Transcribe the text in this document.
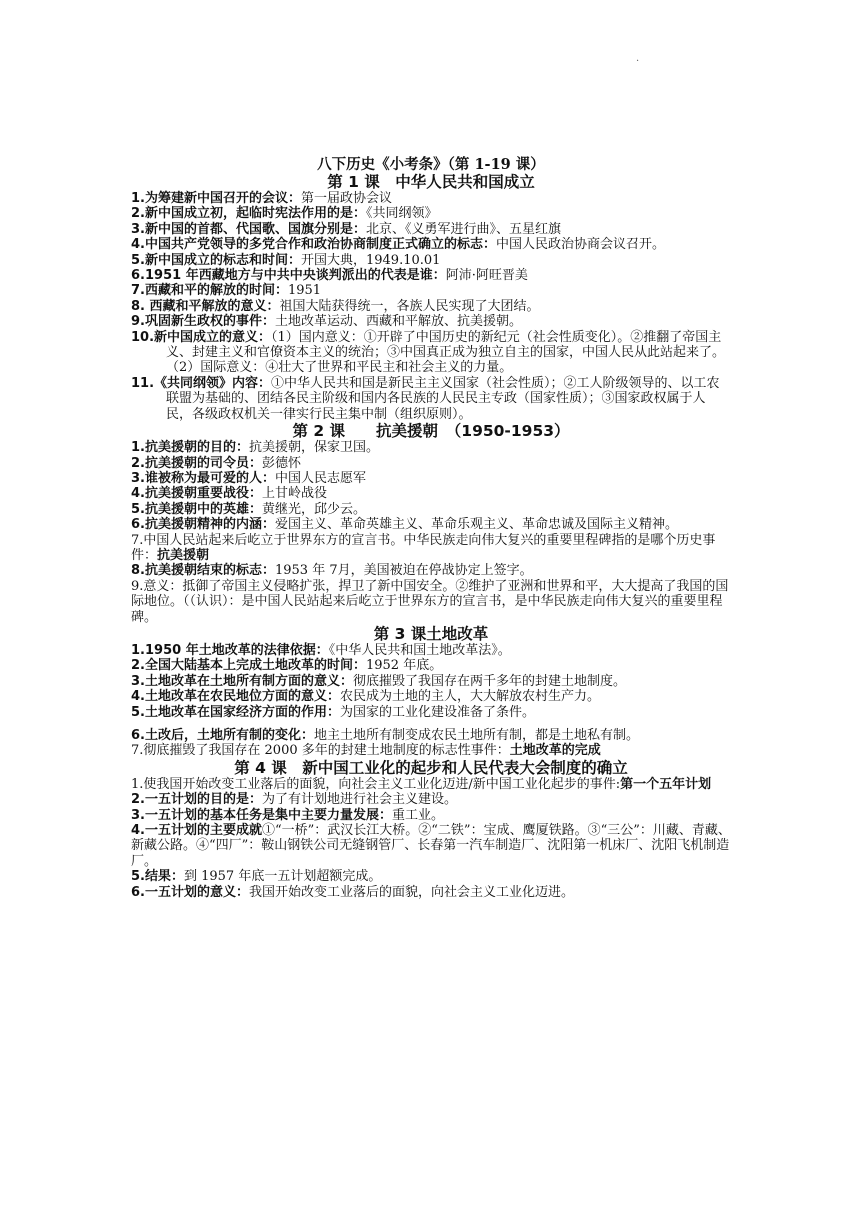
·
八下历史《小考条》（第 1-19 课）
第 1 课　中华人民共和国成立

1.为筹建新中国召开的会议：第一届政协会议

2.新中国成立初，起临时宪法作用的是：《共同纲领》

3.新中国的首都、代国歌、国旗分别是：北京、《义勇军进行曲》、五星红旗

4.中国共产党领导的多党合作和政治协商制度正式确立的标志：中国人民政治协商会议召开。

5.新中国成立的标志和时间：开国大典，1949.10.01

6.1951 年西藏地方与中共中央谈判派出的代表是谁：阿沛·阿旺晋美

7.西藏和平的解放的时间：1951

8. 西藏和平解放的意义：祖国大陆获得统一，各族人民实现了大团结。

9.巩固新生政权的事件：土地改革运动、西藏和平解放、抗美援朝。

10.新中国成立的意义：（1）国内意义：①开辟了中国历史的新纪元（社会性质变化）。②推翻了帝国主义、封建主义和官僚资本主义的统治；③中国真正成为独立自主的国家，中国人民从此站起来了。（2）国际意义：④壮大了世界和平民主和社会主义的力量。

11.《共同纲领》内容：①中华人民共和国是新民主主义国家（社会性质）；②工人阶级领导的、以工农联盟为基础的、团结各民主阶级和国内各民族的人民民主专政（国家性质）；③国家政权属于人民，各级政权机关一律实行民主集中制（组织原则）。

第 2 课　　抗美援朝　（1950-1953）

1.抗美援朝的目的：抗美援朝，保家卫国。

2.抗美援朝的司令员：彭德怀

3.谁被称为最可爱的人：中国人民志愿军

4.抗美援朝重要战役：上甘岭战役

5.抗美援朝中的英雄：黄继光，邱少云。

6.抗美援朝精神的内涵：爱国主义、革命英雄主义、革命乐观主义、革命忠诚及国际主义精神。

7.中国人民站起来后屹立于世界东方的宣言书。中华民族走向伟大复兴的重要里程碑指的是哪个历史事件：抗美援朝

8.抗美援朝结束的标志：1953 年 7月，美国被迫在停战协定上签字。

9.意义：抵御了帝国主义侵略扩张，捍卫了新中国安全。②维护了亚洲和世界和平，大大提高了我国的国际地位。（（认识）：是中国人民站起来后屹立于世界东方的宣言书，是中华民族走向伟大复兴的重要里程碑。

第 3 课土地改革

1.1950 年土地改革的法律依据：《中华人民共和国土地改革法》。

2.全国大陆基本上完成土地改革的时间：1952 年底。

3.土地改革在土地所有制方面的意义：彻底摧毁了我国存在两千多年的封建土地制度。

4.土地改革在农民地位方面的意义：农民成为土地的主人，大大解放农村生产力。

5.土地改革在国家经济方面的作用：为国家的工业化建设准备了条件。

6.土改后，土地所有制的变化：地主土地所有制变成农民土地所有制，都是土地私有制。

7.彻底摧毁了我国存在 2000 多年的封建土地制度的标志性事件：土地改革的完成

第 4 课　新中国工业化的起步和人民代表大会制度的确立

1.使我国开始改变工业落后的面貌，向社会主义工业化迈进/新中国工业化起步的事件:第一个五年计划

2.一五计划的目的是：为了有计划地进行社会主义建设。

3.一五计划的基本任务是集中主要力量发展：重工业。

4.一五计划的主要成就①“一桥”：武汉长江大桥。②“二铁”：宝成、鹰厦铁路。③“三公”：川藏、青藏、新藏公路。④“四厂”：鞍山钢铁公司无缝钢管厂、长春第一汽车制造厂、沈阳第一机床厂、沈阳飞机制造厂。

5.结果：到 1957 年底一五计划超额完成。

6.一五计划的意义：我国开始改变工业落后的面貌，向社会主义工业化迈进。
